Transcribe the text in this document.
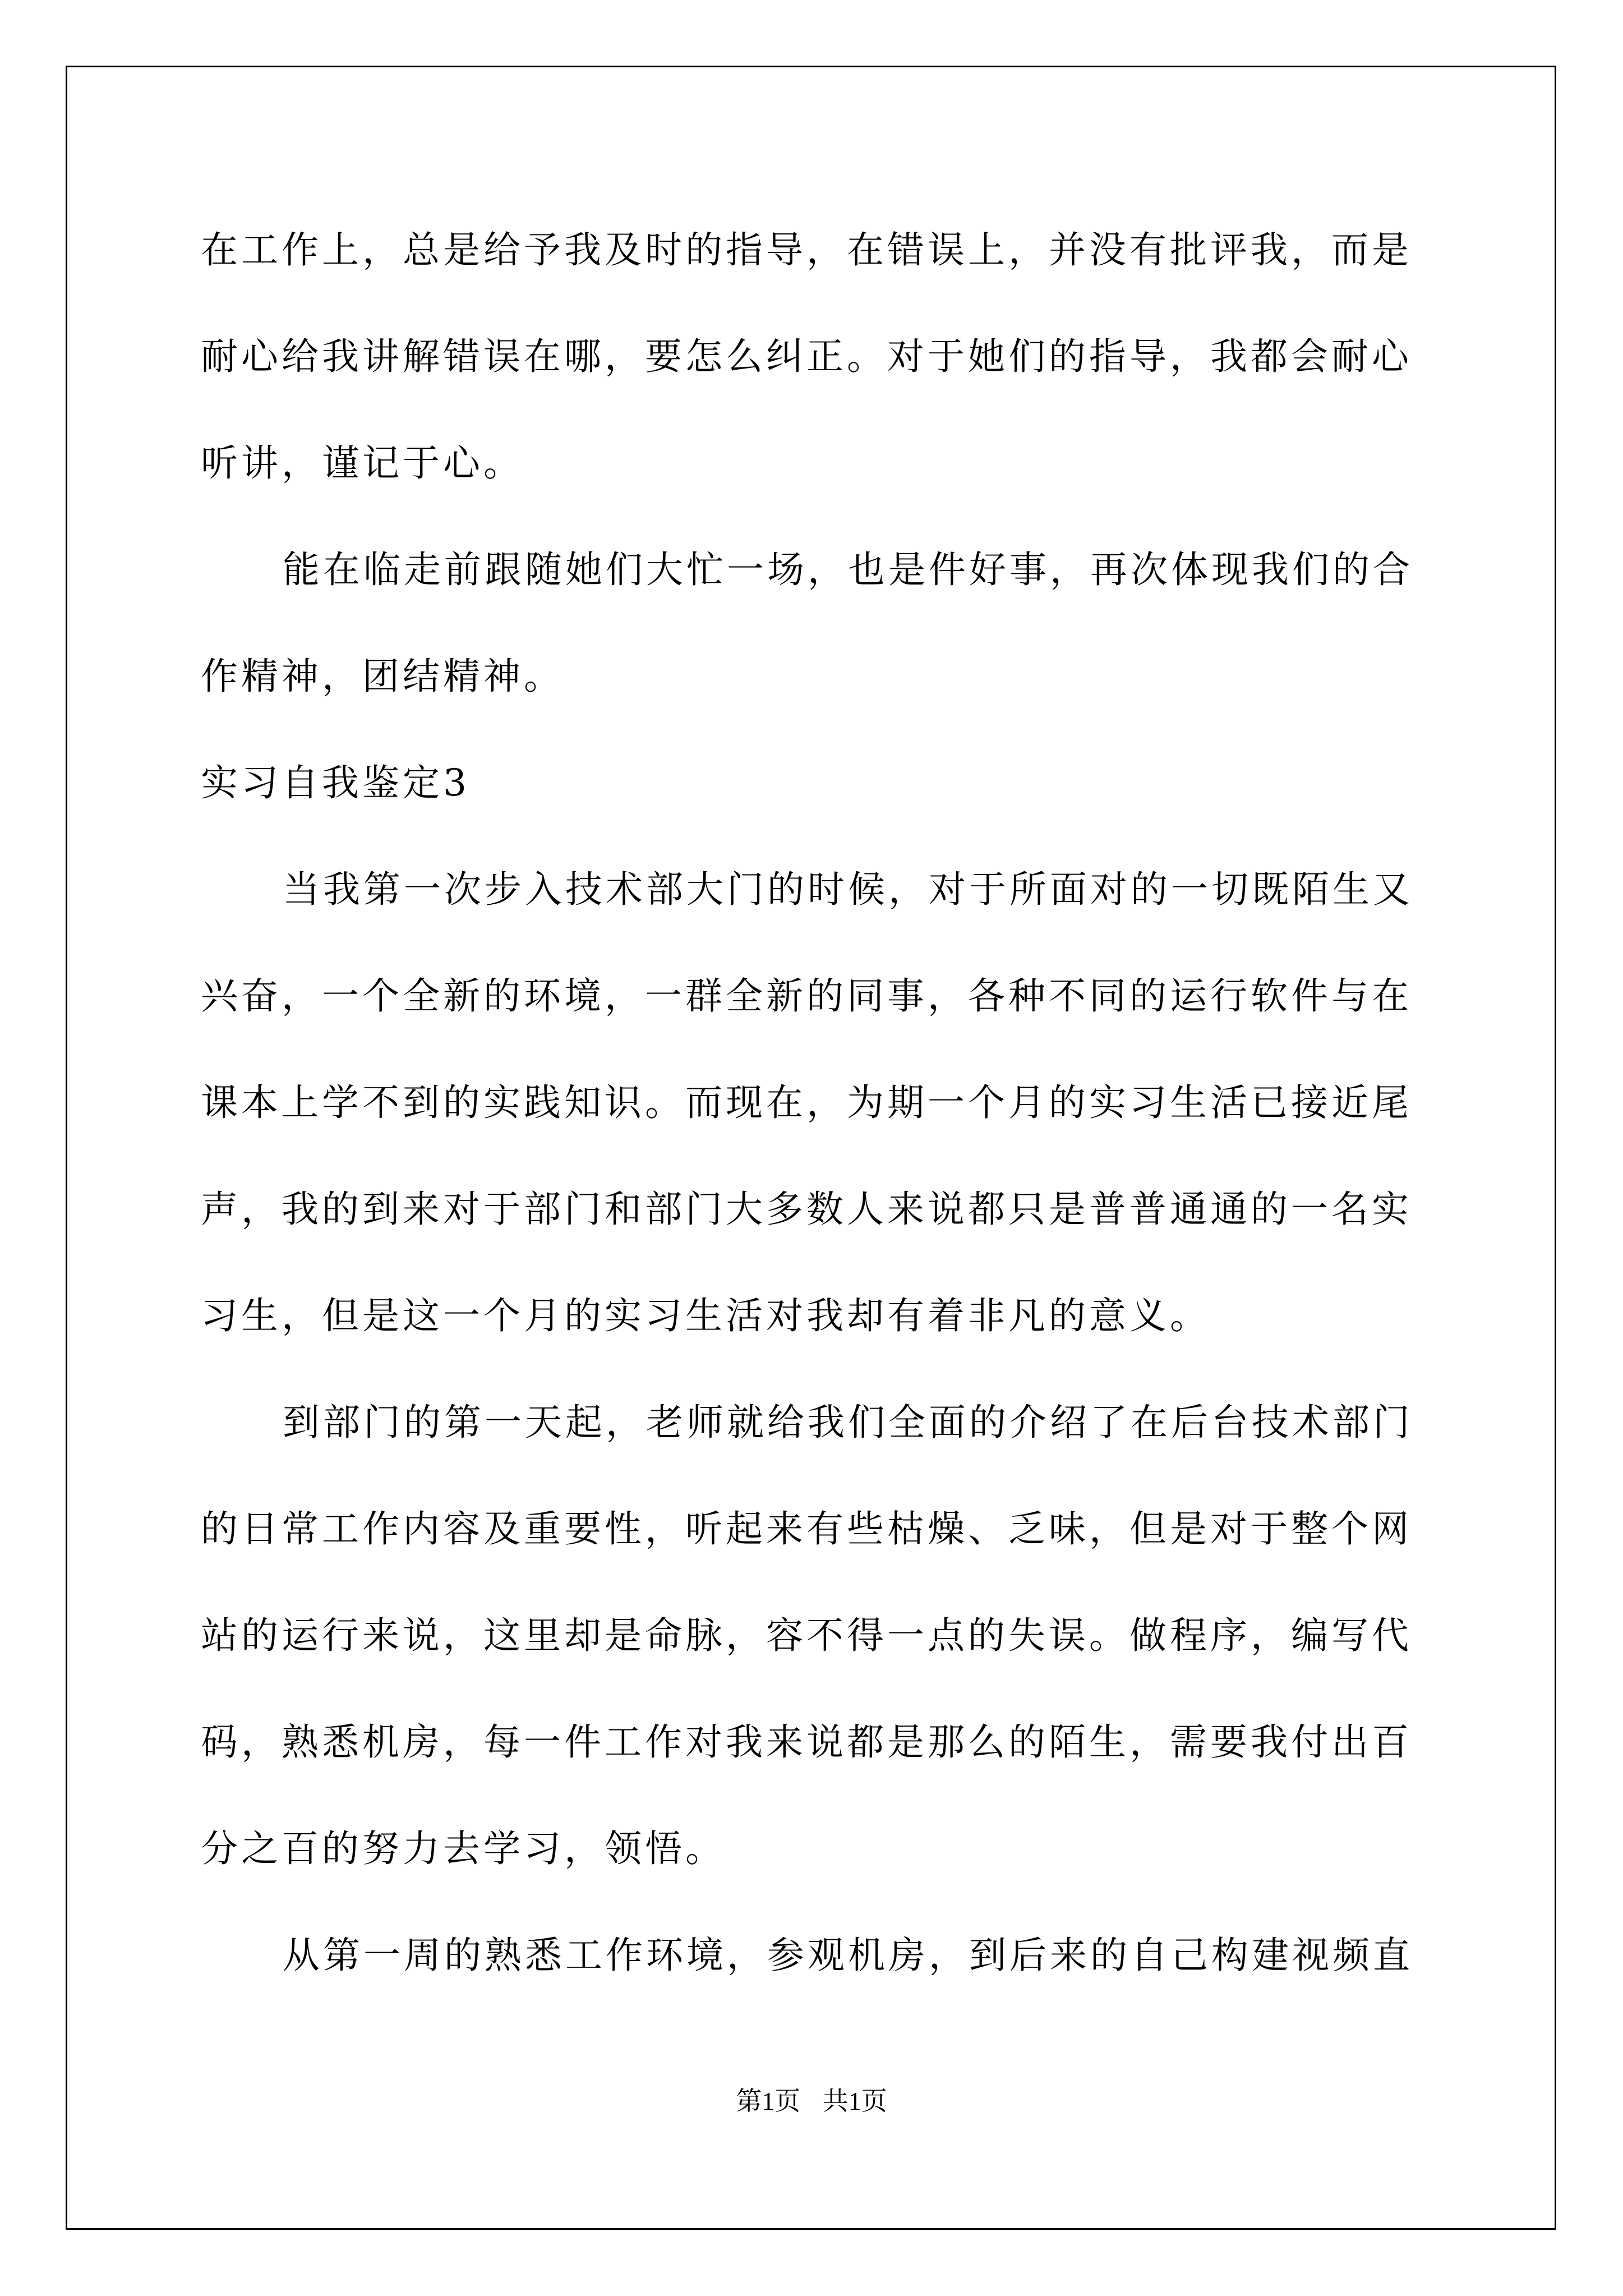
在工作上，总是给予我及时的指导，在错误上，并没有批评我，而是
耐心给我讲解错误在哪，要怎么纠正。对于她们的指导，我都会耐心
听讲，谨记于心。
能在临走前跟随她们大忙一场，也是件好事，再次体现我们的合
作精神，团结精神。
实习自我鉴定3
当我第一次步入技术部大门的时候，对于所面对的一切既陌生又
兴奋，一个全新的环境，一群全新的同事，各种不同的运行软件与在
课本上学不到的实践知识。而现在，为期一个月的实习生活已接近尾
声，我的到来对于部门和部门大多数人来说都只是普普通通的一名实
习生，但是这一个月的实习生活对我却有着非凡的意义。
到部门的第一天起，老师就给我们全面的介绍了在后台技术部门
的日常工作内容及重要性，听起来有些枯燥、乏味，但是对于整个网
站的运行来说，这里却是命脉，容不得一点的失误。做程序，编写代
码，熟悉机房，每一件工作对我来说都是那么的陌生，需要我付出百
分之百的努力去学习，领悟。
从第一周的熟悉工作环境，参观机房，到后来的自己构建视频直
第1页 共1页
